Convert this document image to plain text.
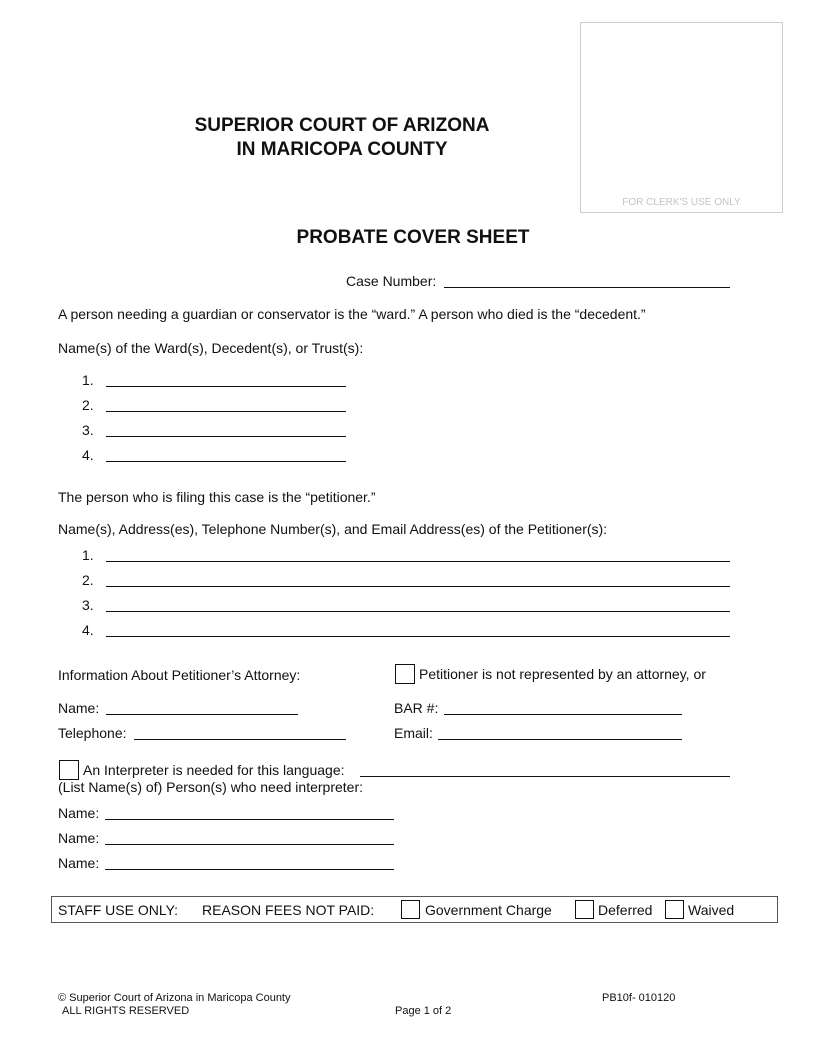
FOR CLERK'S USE ONLY
SUPERIOR COURT OF ARIZONA
IN MARICOPA COUNTY
PROBATE COVER SHEET
Case Number:
A person needing a guardian or conservator is the “ward.” A person who died is the “decedent.”
Name(s) of the Ward(s), Decedent(s), or Trust(s):
1.
2.
3.
4.
The person who is filing this case is the “petitioner.”
Name(s), Address(es), Telephone Number(s), and Email Address(es) of the Petitioner(s):
1.
2.
3.
4.
Information About Petitioner’s Attorney:	Petitioner is not represented by an attorney, or
Name:	BAR #:
Telephone:	Email:
An Interpreter is needed for this language:
(List Name(s) of) Person(s) who need interpreter:
Name:
Name:
Name:
STAFF USE ONLY: REASON FEES NOT PAID:	Government Charge	Deferred	Waived
© Superior Court of Arizona in Maricopa County
ALL RIGHTS RESERVED	Page 1 of 2
PB10f- 010120
